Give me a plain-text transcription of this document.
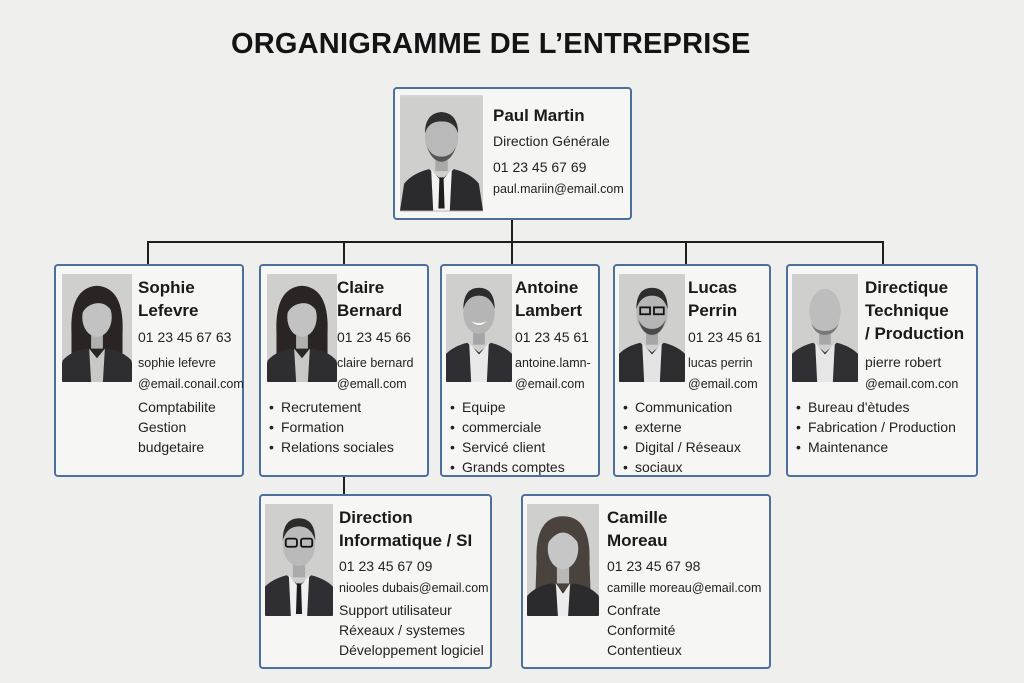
ORGANIGRAMME DE L’ENTREPRISE
Paul Martin
Direction Générale
01 23 45 67 69
paul.mariin@email.com
Sophie
Lefevre
01 23 45 67 63
sophie lefevre
@email.conail.com
Comptabilite
Gestion
budgetaire
Claire
Bernard
01 23 45 66
claire bernard
@emall.com
• Recrutement
• Formation
• Relations sociales
Antoine
Lambert
01 23 45 61
antoine.lamn-
@email.com
• Equipe
• commerciale
• Servicé client
• Grands comptes
Lucas
Perrin
01 23 45 61
lucas perrin
@email.com
• Communication
• externe
• Digital / Réseaux
• sociaux
Directique
Technique
/ Production
pierre robert
@email.com.con
• Bureau d'ètudes
• Fabrication / Production
• Maintenance
Direction
Informatique / SI
01 23 45 67 09
nioolеs dubais@email.com
Support utilisateur
Réxeaux / systemes
Développement logiciel
Camille
Moreau
01 23 45 67 98
camille moreau@email.com
Confrate
Conformité
Contentieux
